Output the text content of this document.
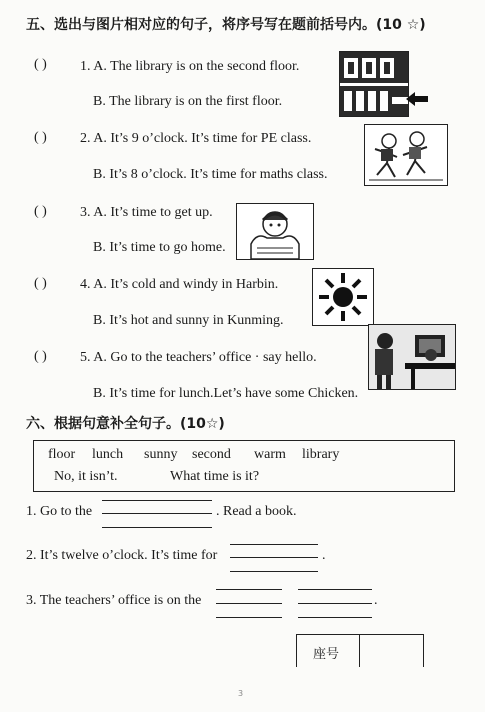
五、选出与图片相对应的句子，将序号写在题前括号内。(10 ☆)
( ) 1. A. The library is on the second floor.
B. The library is on the first floor.
( ) 2. A. It’s 9 o’clock. It’s time for PE class.
B. It’s 8 o’clock. It’s time for maths class.
( ) 3. A. It’s time to get up.
B. It’s time to go home.
( ) 4. A. It’s cold and windy in Harbin.
B. It’s hot and sunny in Kunming.
( ) 5. A. Go to the teachers’ office · say hello.
B. It’s time for lunch.Let’s have some Chicken.
六、根据句意补全句子。(10☆)
floor lunch sunny second warm library
No, it isn’t.	What time is it?
1. Go to the	. Read a book.
2. It’s twelve o’clock. It’s time for	.
3. The teachers’ office is on the	.
座号
3
